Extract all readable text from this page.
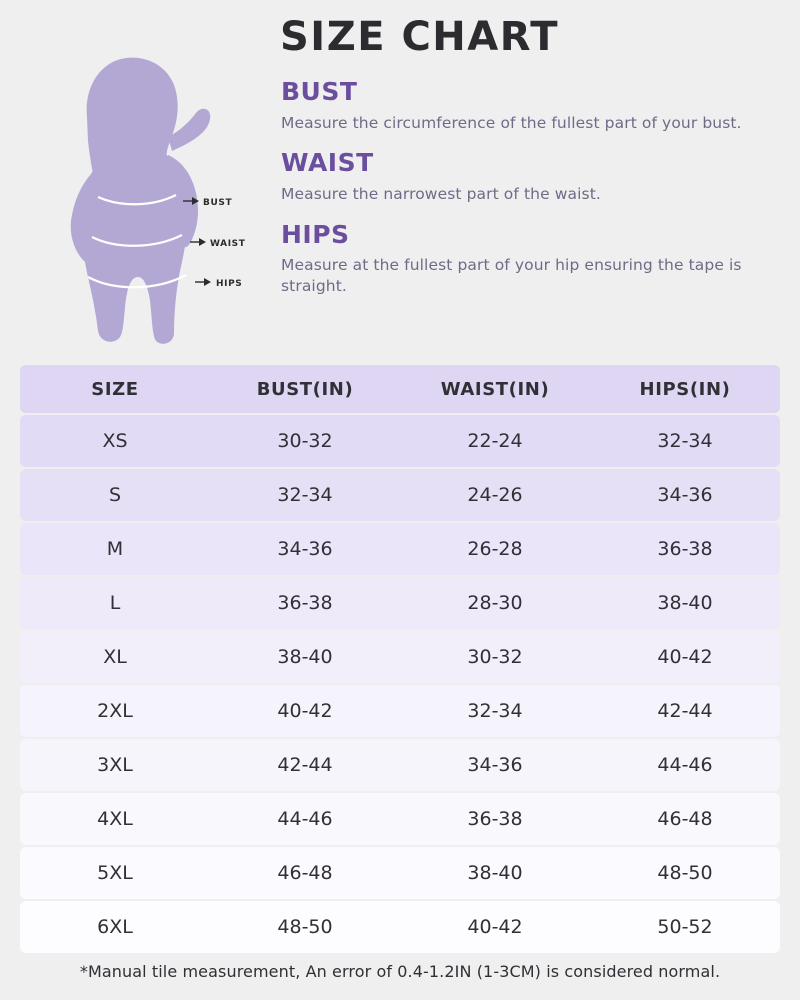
SIZE CHART
BUST
WAIST
HIPS
BUST
Measure the circumference of the fullest part of your bust.
WAIST
Measure the narrowest part of the waist.
HIPS
Measure at the fullest part of your hip ensuring the tape is straight.
SIZE	BUST(IN)	WAIST(IN)	HIPS(IN)
XS	30-32	22-24	32-34
S	32-34	24-26	34-36
M	34-36	26-28	36-38
L	36-38	28-30	38-40
XL	38-40	30-32	40-42
2XL	40-42	32-34	42-44
3XL	42-44	34-36	44-46
4XL	44-46	36-38	46-48
5XL	46-48	38-40	48-50
6XL	48-50	40-42	50-52
*Manual tile measurement, An error of 0.4-1.2IN (1-3CM) is considered normal.
